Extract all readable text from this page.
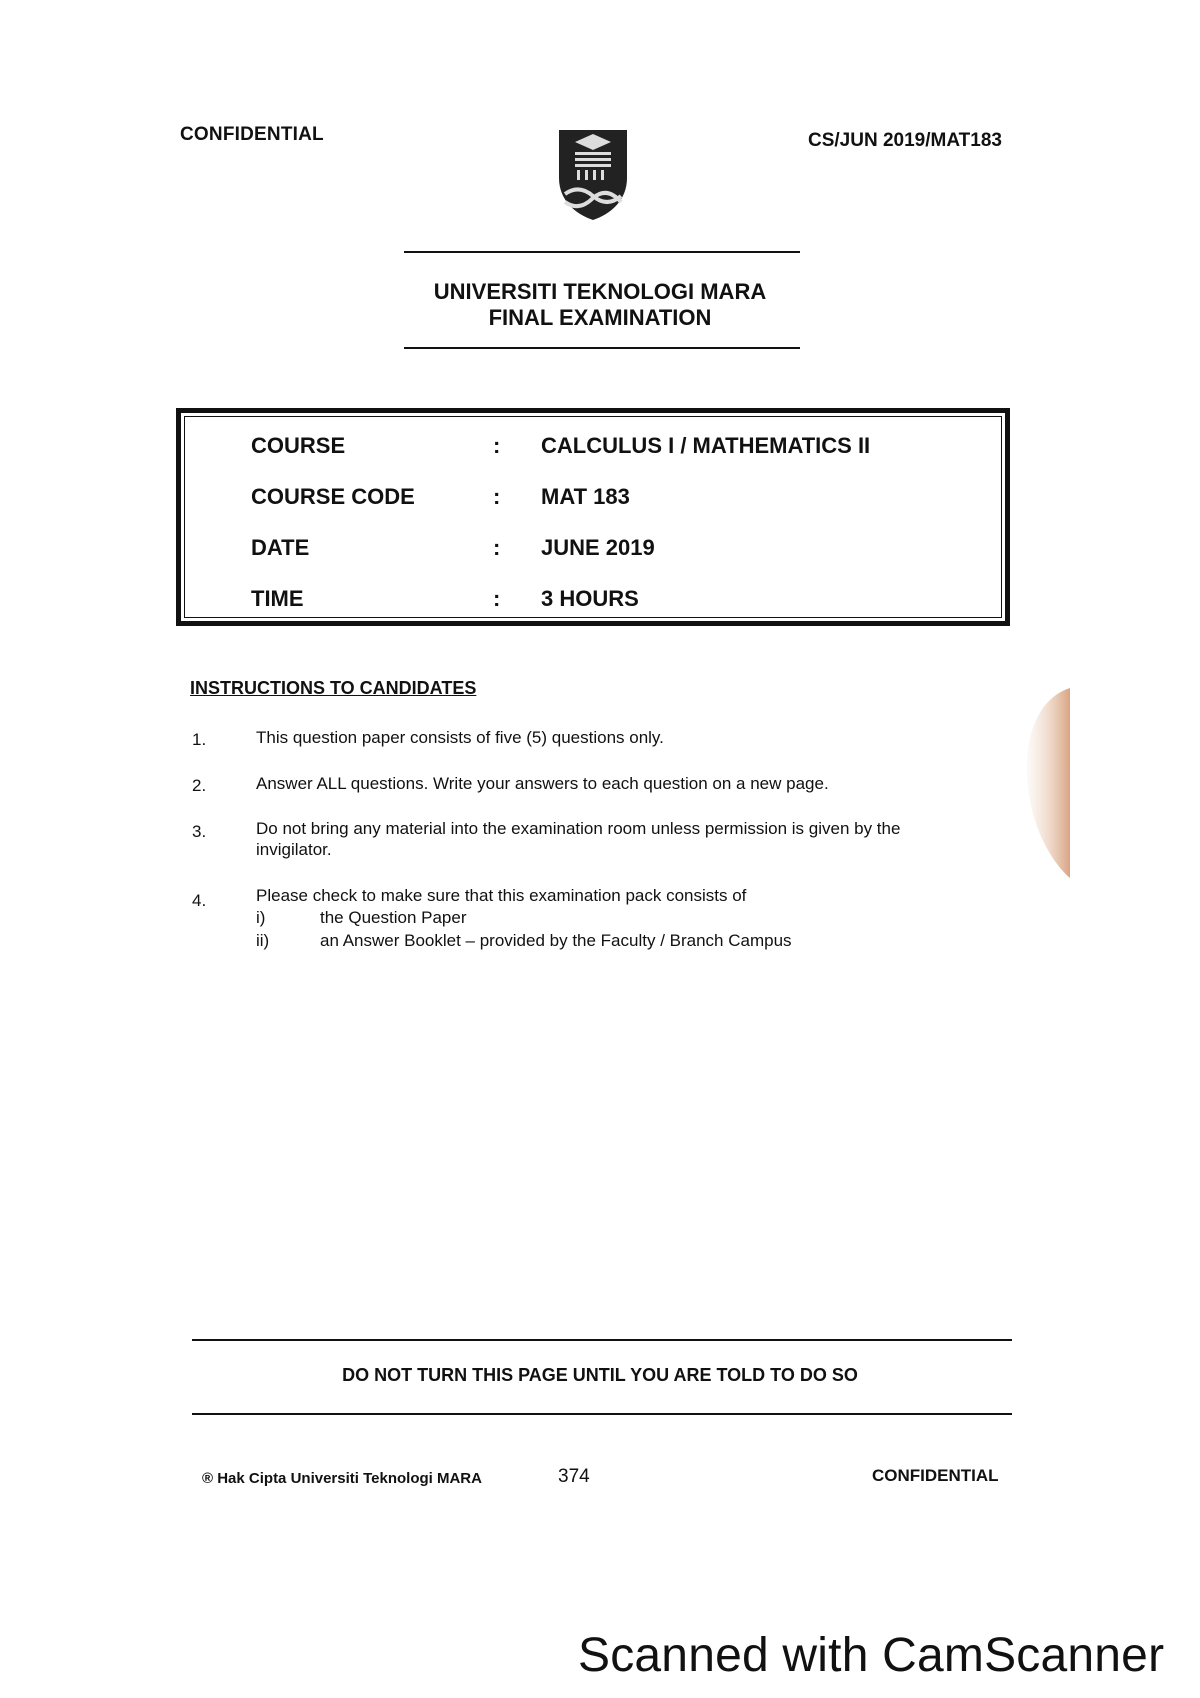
CONFIDENTIAL	CS/JUN 2019/MAT183
UNIVERSITI TEKNOLOGI MARA
FINAL EXAMINATION
COURSE	: CALCULUS I / MATHEMATICS II
COURSE CODE	: MAT 183
DATE	: JUNE 2019
TIME	: 3 HOURS
INSTRUCTIONS TO CANDIDATES
1.	This question paper consists of five (5) questions only.
2.	Answer ALL questions. Write your answers to each question on a new page.
3.	Do not bring any material into the examination room unless permission is given by the invigilator.
4.	Please check to make sure that this examination pack consists of
i)	the Question Paper
ii)	an Answer Booklet – provided by the Faculty / Branch Campus
DO NOT TURN THIS PAGE UNTIL YOU ARE TOLD TO DO SO
® Hak Cipta Universiti Teknologi MARA	374	CONFIDENTIAL
Scanned with CamScanner
